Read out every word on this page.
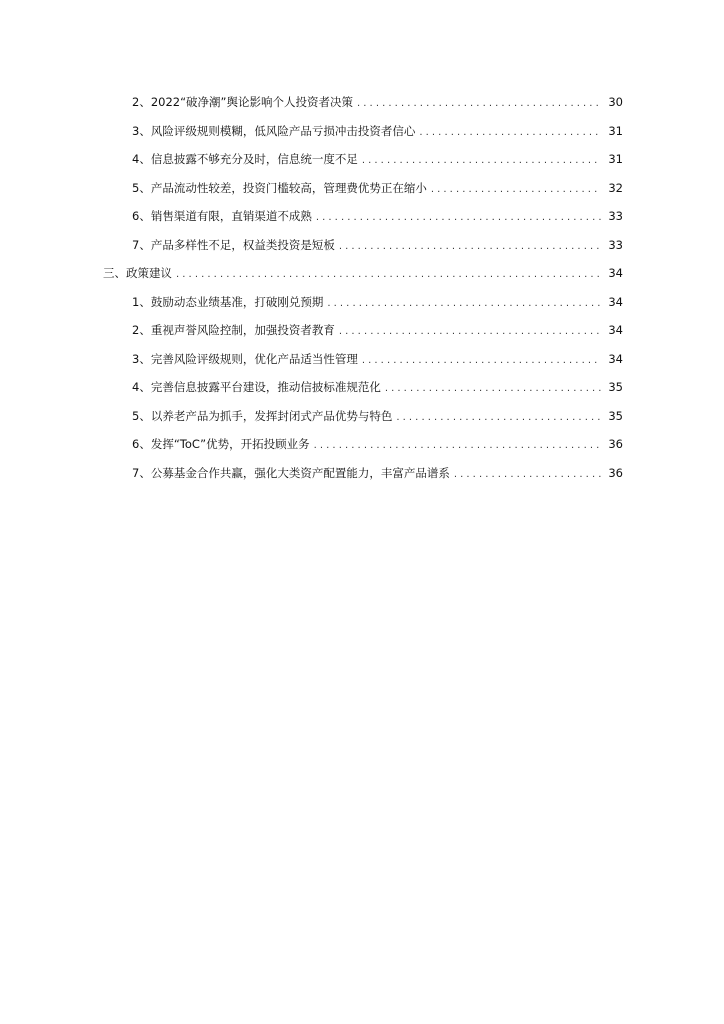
2、2022“破净潮”舆论影响个人投资者决策 .....	30
3、风险评级规则模糊，低风险产品亏损冲击投资者信心 .....	31
4、信息披露不够充分及时，信息统一度不足 .....	31
5、产品流动性较差，投资门槛较高，管理费优势正在缩小 .....	32
6、销售渠道有限，直销渠道不成熟 .....	33
7、产品多样性不足，权益类投资是短板 .....	33
三、政策建议 .....	34
1、鼓励动态业绩基准，打破刚兑预期 .....	34
2、重视声誉风险控制，加强投资者教育 .....	34
3、完善风险评级规则，优化产品适当性管理 .....	34
4、完善信息披露平台建设，推动信披标准规范化 .....	35
5、以养老产品为抓手，发挥封闭式产品优势与特色 .....	35
6、发挥“ToC”优势，开拓投顾业务 .....	36
7、公募基金合作共赢，强化大类资产配置能力，丰富产品谱系 .....	36
